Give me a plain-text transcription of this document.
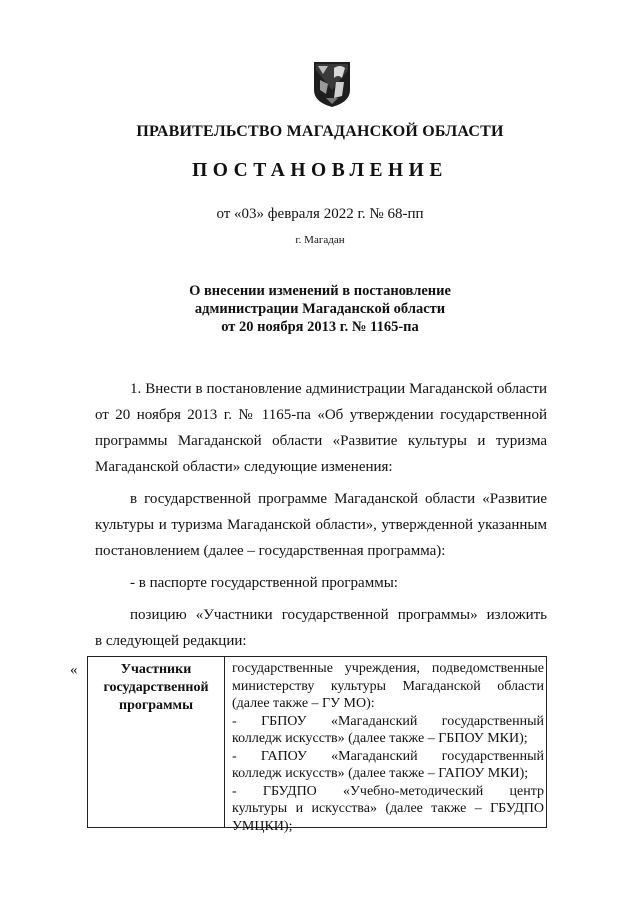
ПРАВИТЕЛЬСТВО МАГАДАНСКОЙ ОБЛАСТИ
ПОСТАНОВЛЕНИЕ
от «03» февраля 2022 г. № 68-пп
г. Магадан
О внесении изменений в постановление
администрации Магаданской области
от 20 ноября 2013 г. № 1165-па
1. Внести в постановление администрации Магаданской области
от 20 ноября 2013 г. № 1165-па «Об утверждении государственной
программы Магаданской области «Развитие культуры и туризма
Магаданской области» следующие изменения:
в государственной программе Магаданской области «Развитие
культуры и туризма Магаданской области», утвержденной указанным
постановлением (далее – государственная программа):
- в паспорте государственной программы:
позицию «Участники государственной программы» изложить
в следующей редакции:
«	Участники
государственной
программы
государственные учреждения, подведомственные
министерству культуры Магаданской области
(далее также – ГУ МО):
- ГБПОУ «Магаданский государственный
колледж искусств» (далее также – ГБПОУ МКИ);
- ГАПОУ «Магаданский государственный
колледж искусств» (далее также – ГАПОУ МКИ);
- ГБУДПО «Учебно-методический центр
культуры и искусства» (далее также – ГБУДПО
УМЦКИ);
